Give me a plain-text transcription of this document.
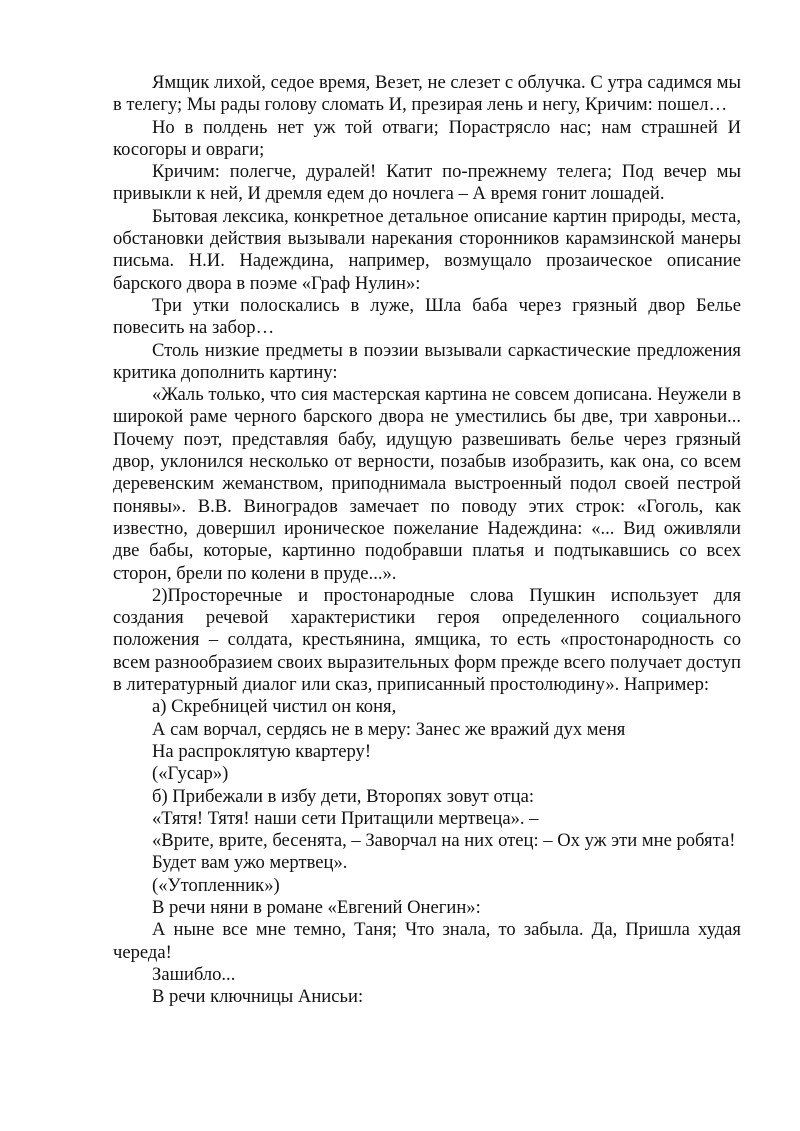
Ямщик лихой, седое время, Везет, не слезет с облучка. С утра садимся мы в телегу; Мы рады голову сломать И, презирая лень и негу, Кричим: пошел…

Но в полдень нет уж той отваги; Порастрясло нас; нам страшней И косогоры и овраги;

Кричим: полегче, дуралей! Катит по-прежнему телега; Под вечер мы привыкли к ней, И дремля едем до ночлега – А время гонит лошадей.

Бытовая лексика, конкретное детальное описание картин природы, места, обстановки действия вызывали нарекания сторонников карамзинской манеры письма. Н.И. Надеждина, например, возмущало прозаическое описание барского двора в поэме «Граф Нулин»:

Три утки полоскались в луже, Шла баба через грязный двор Белье повесить на забор…

Столь низкие предметы в поэзии вызывали саркастические предложения критика дополнить картину:

«Жаль только, что сия мастерская картина не совсем дописана. Неужели в широкой раме черного барского двора не уместились бы две, три хавроньи... Почему поэт, представляя бабу, идущую развешивать белье через грязный двор, уклонился несколько от верности, позабыв изобразить, как она, со всем деревенским жеманством, приподнимала выстроенный подол своей пестрой понявы». В.В. Виноградов замечает по поводу этих строк: «Гоголь, как известно, довершил ироническое пожелание Надеждина: «... Вид оживляли две бабы, которые, картинно подобравши платья и подтыкавшись со всех сторон, брели по колени в пруде...».

2)Просторечные и простонародные слова Пушкин использует для создания речевой характеристики героя определенного социального положения – солдата, крестьянина, ямщика, то есть «простонародность со всем разнообразием своих выразительных форм прежде всего получает доступ в литературный диалог или сказ, приписанный простолюдину». Например:

а) Скребницей чистил он коня,

А сам ворчал, сердясь не в меру: Занес же вражий дух меня

На распроклятую квартеру!

(«Гусар»)

б) Прибежали в избу дети, Второпях зовут отца:

«Тятя! Тятя! наши сети Притащили мертвеца». –

«Врите, врите, бесенята, – Заворчал на них отец: – Ох уж эти мне робята!

Будет вам ужо мертвец».

(«Утопленник»)

В речи няни в романе «Евгений Онегин»:

А ныне все мне темно, Таня; Что знала, то забыла. Да, Пришла худая череда!

Зашибло...

В речи ключницы Анисьи:
